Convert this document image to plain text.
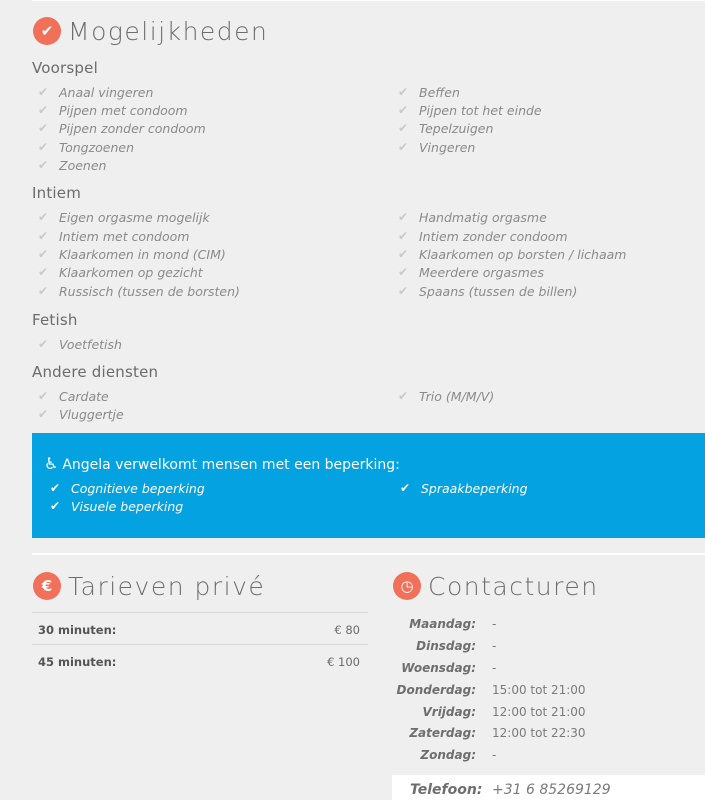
✔ Mogelijkheden
Voorspel
✔ Anaal vingeren
✔ Pijpen met condoom
✔ Pijpen zonder condoom
✔ Tongzoenen
✔ Zoenen
✔ Beffen
✔ Pijpen tot het einde
✔ Tepelzuigen
✔ Vingeren
Intiem
✔ Eigen orgasme mogelijk
✔ Intiem met condoom
✔ Klaarkomen in mond (CIM)
✔ Klaarkomen op gezicht
✔ Russisch (tussen de borsten)
✔ Handmatig orgasme
✔ Intiem zonder condoom
✔ Klaarkomen op borsten / lichaam
✔ Meerdere orgasmes
✔ Spaans (tussen de billen)
Fetish
✔ Voetfetish
Andere diensten
✔ Cardate
✔ Vluggertje
✔ Trio (M/M/V)
♿ Angela verwelkomt mensen met een beperking:
✔ Cognitieve beperking
✔ Visuele beperking
✔ Spraakbeperking
€ Tarieven privé
30 minuten:	€ 80
45 minuten:	€ 100
◷ Contacturen
Maandag: -
Dinsdag: -
Woensdag: -
Donderdag: 15:00 tot 21:00
Vrijdag: 12:00 tot 21:00
Zaterdag: 12:00 tot 22:30
Zondag: -
Telefoon: +31 6 85269129
